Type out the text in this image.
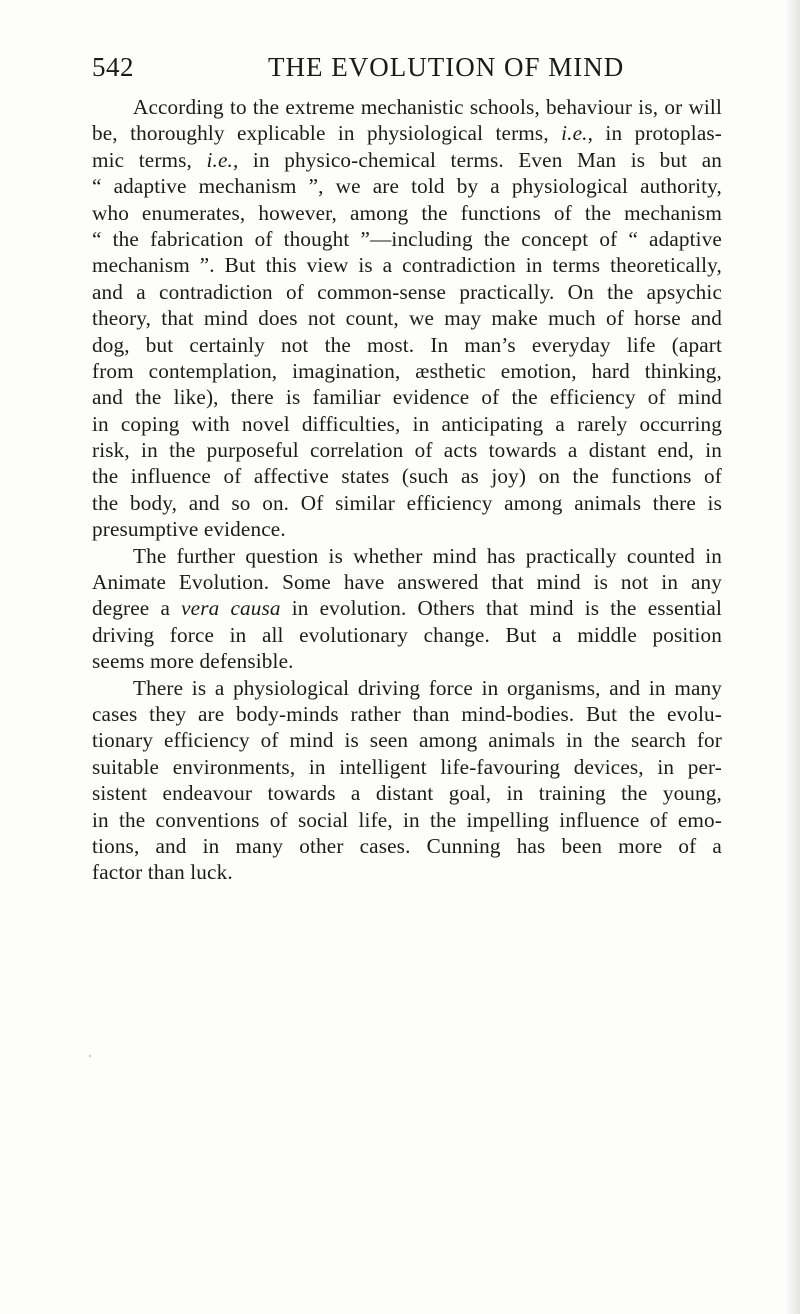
542	THE EVOLUTION OF MIND
According to the extreme mechanistic schools, behaviour is, or will
be, thoroughly explicable in physiological terms, i.e., in protoplas-
mic terms, i.e., in physico-chemical terms. Even Man is but an
“ adaptive mechanism ”, we are told by a physiological authority,
who enumerates, however, among the functions of the mechanism
“ the fabrication of thought ”—including the concept of “ adaptive
mechanism ”. But this view is a contradiction in terms theoretically,
and a contradiction of common-sense practically. On the apsychic
theory, that mind does not count, we may make much of horse and
dog, but certainly not the most. In man’s everyday life (apart
from contemplation, imagination, æsthetic emotion, hard thinking,
and the like), there is familiar evidence of the efficiency of mind
in coping with novel difficulties, in anticipating a rarely occurring
risk, in the purposeful correlation of acts towards a distant end, in
the influence of affective states (such as joy) on the functions of
the body, and so on. Of similar efficiency among animals there is
presumptive evidence.
The further question is whether mind has practically counted in
Animate Evolution. Some have answered that mind is not in any
degree a vera causa in evolution. Others that mind is the essential
driving force in all evolutionary change. But a middle position
seems more defensible.
There is a physiological driving force in organisms, and in many
cases they are body-minds rather than mind-bodies. But the evolu-
tionary efficiency of mind is seen among animals in the search for
suitable environments, in intelligent life-favouring devices, in per-
sistent endeavour towards a distant goal, in training the young,
in the conventions of social life, in the impelling influence of emo-
tions, and in many other cases. Cunning has been more of a
factor than luck.
